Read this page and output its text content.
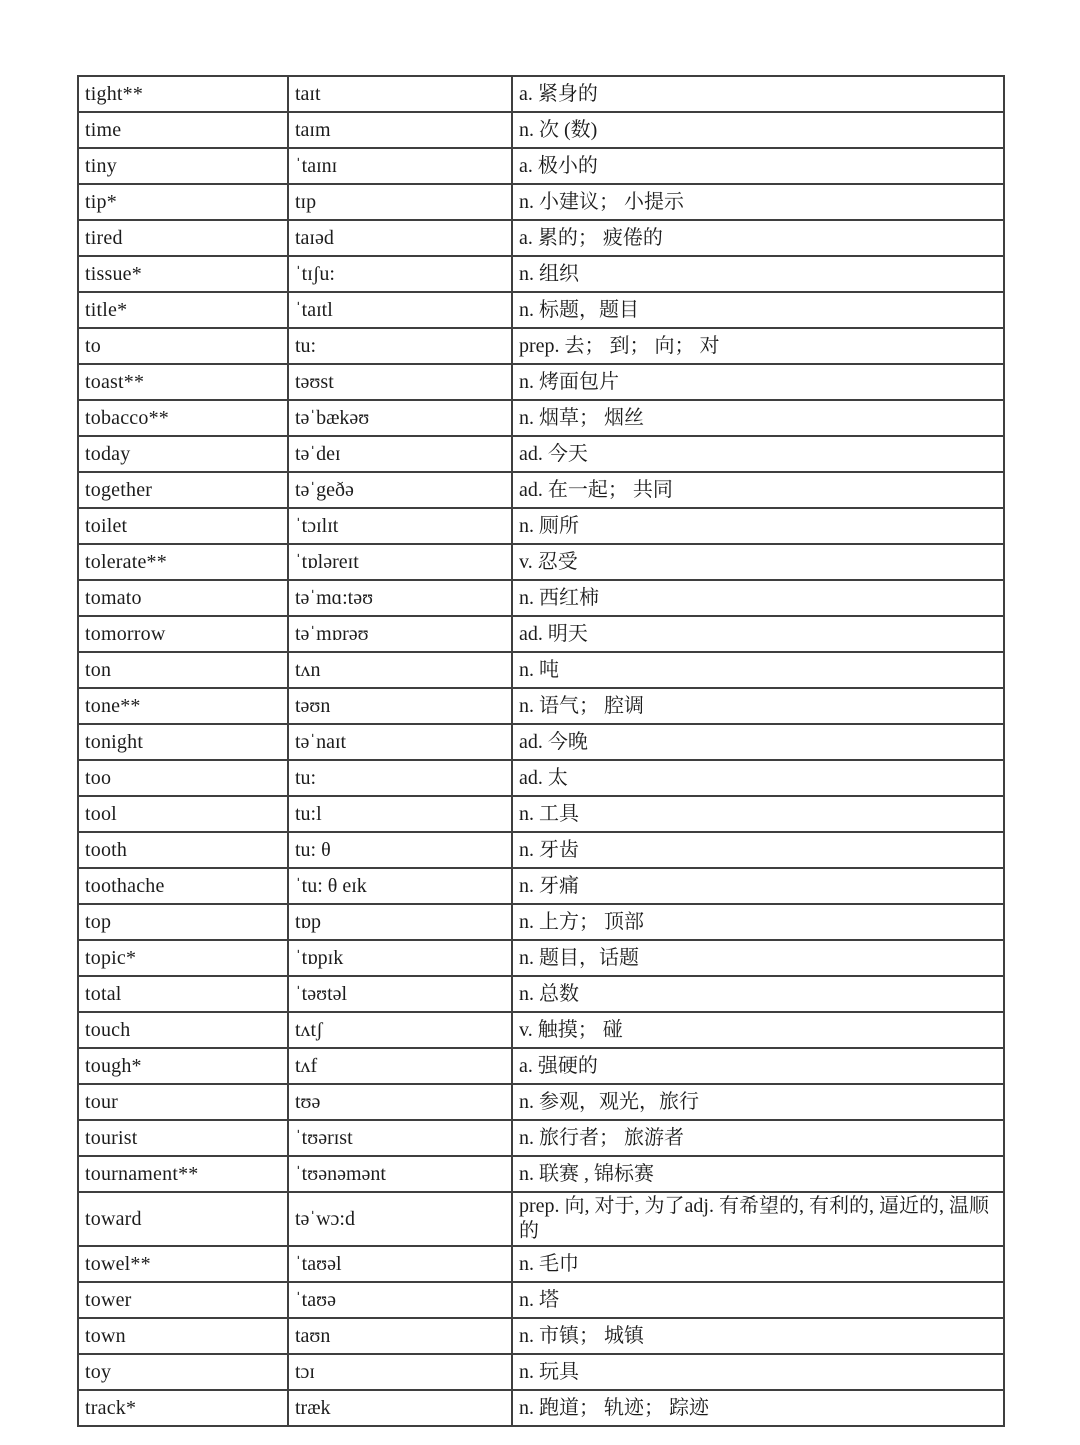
tight**	taɪt	a. 紧身的
time	taɪm	n. 次 (数)
tiny	ˈtaɪnɪ	a. 极小的
tip*	tɪp	n. 小建议； 小提示
tired	taɪəd	a. 累的； 疲倦的
tissue*	ˈtɪʃu:	n. 组织
title*	ˈtaɪtl	n. 标题，题目
to	tu:	prep. 去； 到； 向； 对
toast**	təʊst	n. 烤面包片
tobacco**	təˈbækəʊ	n. 烟草； 烟丝
today	təˈdeɪ	ad. 今天
together	təˈgeðə	ad. 在一起； 共同
toilet	ˈtɔɪlɪt	n. 厕所
tolerate**	ˈtɒləreɪt	v. 忍受
tomato	təˈmɑ:təʊ	n. 西红柿
tomorrow	təˈmɒrəʊ	ad. 明天
ton	tʌn	n. 吨
tone**	təʊn	n. 语气； 腔调
tonight	təˈnaɪt	ad. 今晚
too	tu:	ad. 太
tool	tu:l	n. 工具
tooth	tu: θ	n. 牙齿
toothache	ˈtu: θ eɪk	n. 牙痛
top	tɒp	n. 上方； 顶部
topic*	ˈtɒpɪk	n. 题目，话题
total	ˈtəʊtəl	n. 总数
touch	tʌtʃ	v. 触摸； 碰
tough*	tʌf	a. 强硬的
tour	tʊə	n. 参观，观光，旅行
tourist	ˈtʊərɪst	n. 旅行者； 旅游者
tournament**	ˈtʊənəmənt	n. 联赛 , 锦标赛
toward	təˈwɔ:d	prep. 向, 对于, 为了adj. 有希望的, 有利的, 逼近的, 温顺的
towel**	ˈtaʊəl	n. 毛巾
tower	ˈtaʊə	n. 塔
town	taʊn	n. 市镇； 城镇
toy	tɔɪ	n. 玩具
track*	træk	n. 跑道； 轨迹； 踪迹
